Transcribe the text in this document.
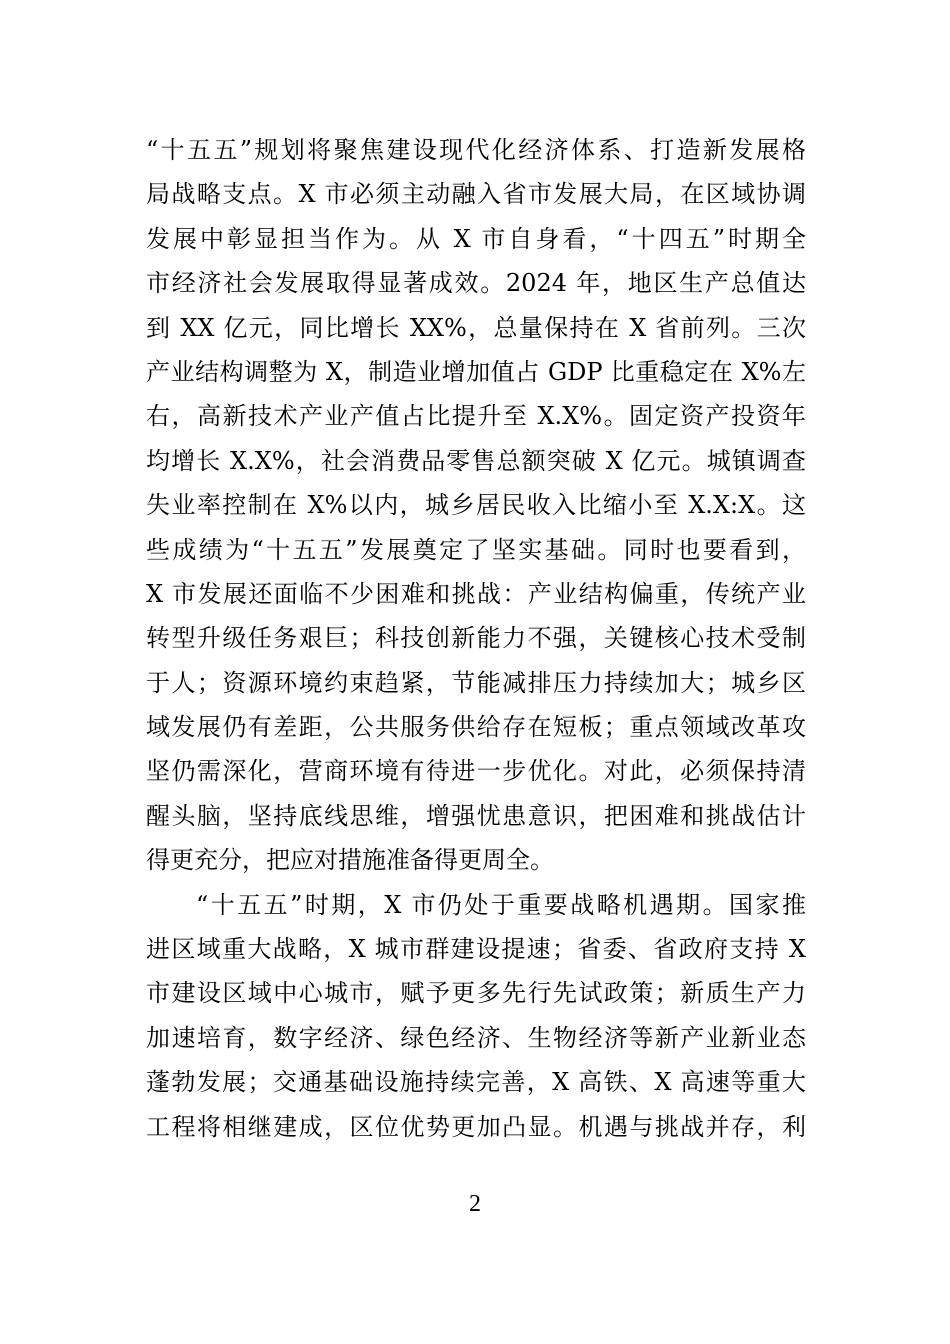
“十五五”规划将聚焦建设现代化经济体系、打造新发展格
局战略支点。X 市必须主动融入省市发展大局，在区域协调
发展中彰显担当作为。从 X 市自身看，“十四五”时期全
市经济社会发展取得显著成效。2024 年，地区生产总值达
到 XX 亿元，同比增长 XX%，总量保持在 X 省前列。三次
产业结构调整为 X，制造业增加值占 GDP 比重稳定在 X%左
右，高新技术产业产值占比提升至 X.X%。固定资产投资年
均增长 X.X%，社会消费品零售总额突破 X 亿元。城镇调查
失业率控制在 X%以内，城乡居民收入比缩小至 X.X:X。这
些成绩为“十五五”发展奠定了坚实基础。同时也要看到，
X 市发展还面临不少困难和挑战：产业结构偏重，传统产业
转型升级任务艰巨；科技创新能力不强，关键核心技术受制
于人；资源环境约束趋紧，节能减排压力持续加大；城乡区
域发展仍有差距，公共服务供给存在短板；重点领域改革攻
坚仍需深化，营商环境有待进一步优化。对此，必须保持清
醒头脑，坚持底线思维，增强忧患意识，把困难和挑战估计
得更充分，把应对措施准备得更周全。
“十五五”时期，X 市仍处于重要战略机遇期。国家推
进区域重大战略，X 城市群建设提速；省委、省政府支持 X
市建设区域中心城市，赋予更多先行先试政策；新质生产力
加速培育，数字经济、绿色经济、生物经济等新产业新业态
蓬勃发展；交通基础设施持续完善，X 高铁、X 高速等重大
工程将相继建成，区位优势更加凸显。机遇与挑战并存，利
2
